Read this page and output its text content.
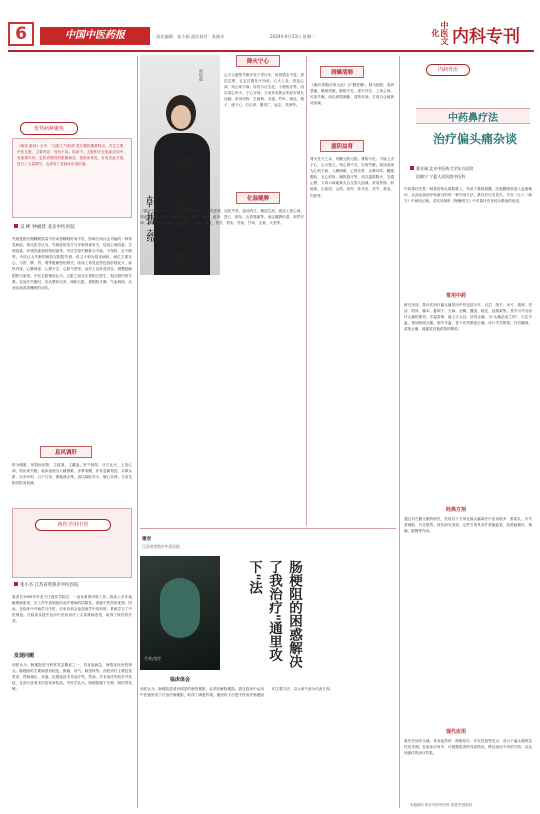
6	中国中医药报	责任编辑：张小娟 责任校对：张晓卉	2024年9月23日 星期一	中医文化 内科专刊
优势病种聚焦
《黄帝·素问》言中，"五脏之气相得"是长期的重要特点。内生主要，中医五脏，主要内容：具有不同。临床中，五脏相关在临床应用中，有重要作用。急性或慢性的脏腑病变，是临床常见，针灸在此方面，进行了大量研究，也体现了其临床应用价值。
吴 彬 钟丽萱 北京中医医院
失眠是指长期睡眠质量不好或者睡眠时间不足，影响日间社会功能的一种常见病症。现代医学认为，失眠症的发生与多种因素有关，包括心理因素、生理因素、环境因素和药物因素等。中医学将失眠称为不寐、不得卧、目不瞑等。中医认为失眠的病机以阴阳失调、营卫不和为基本病机，病位主要在心，与肝、脾、胃、肾等脏腑密切相关。临床上常见证型包括肝郁化火、痰热内扰、心脾两虚、心肾不交、心胆气虚等。治疗上以补虚泻实、调整脏腑阴阳为原则。中医五脏理论认为，五脏之间存在着相互资生、相互制约的关系。在治疗失眠时，应从整体出发，调和五脏，使阴阳平衡，气血调和，从而达到改善睡眠的目的。
息风调肝
肝为刚脏，体阴而用阳，主疏泄，主藏血。肝气郁结，日久化火，上扰心神，则出现失眠。临床表现为入睡困难，多梦易醒，伴有急躁易怒、头晕头胀、目赤耳鸣、口干口苦、便秘溲赤等。治以疏肝泻火、镇心安神，方用龙胆泻肝汤加减。
西医学用中医
张小杰 江苏省常熟市中医医院
笔者自1990年毕业于江西医学院后，一直从事肾内科工作。临床上多年接触肾病患者，在工作中看到西医治疗肾病的局限性，深感中医药的优势。因此，在临床中开始学习中医，后来有机会参加西学中培训班，系统学习了中医理论。在临床实践中运用中医药治疗了大量肾病患者，取得了较好的疗效。
发现问题
西医认为，肠梗阻是外科常见急腹症之一，具有起病急、病情变化快的特点。肠梗阻的主要病因有粘连、肿瘤、疝气、肠扭转等。西医治疗主要包括禁食、胃肠减压、补液、抗感染及手术治疗等。然而，手术治疗有较多并发症，且部分患者术后复发率较高。中医学认为，肠梗阻属于关格、肠结等范畴。
韩振蕴
调五脏治失眠
韩振蕴
降火宁心
心火亢盛型失眠多见于青壮年，常因情志不遂、思虑过度、五志过极化火所致。心火上炎，扰乱心神，则心烦不寐；伴有口舌生疮、小便短赤等。治以清心泻火、宁心安神，方用导赤散合朱砂安神丸加减。常用药物：生地黄、木通、竹叶、黄连、栀子、莲子心、灯心草、酸枣仁、远志、茯神等。
化湿健脾
《素问·逆调论》说："胃不和则卧不安。"脾胃虚弱，运化失常，湿浊内生，聚湿生痰，痰浊上扰心神，则出现失眠。临床表现为不寐、头重、胸闷、痰多、恶心、纳呆、舌苔厚腻等。治以健脾化湿、和胃安神，方用温胆汤加减。常用药物：半夏、陈皮、茯苓、枳实、竹茹、甘草、生姜、大枣等。
润燥清肺
《素问·阴阳应象大论》言"肺恶燥"。肺为娇脏，喜润恶燥。燥邪伤肺，肺阴不足，虚火内生，上扰心神，可致失眠。治以养阴润肺、清热安神，方用百合地黄汤加减。
滋阴益肾
肾为先天之本，内藏元阴元阳。肾阴不足，不能上济于心，心火独亢，则心肾不交，出现失眠。临床表现为心烦不寐、入睡困难、心悸多梦、头晕耳鸣、腰膝酸软、五心烦热、潮热盗汗等。治以滋阴降火、交通心肾，方用六味地黄丸合交泰丸加减。常用药物：熟地黄、山茱萸、山药、泽泻、牡丹皮、茯苓、黄连、肉桂等。
谢京
江苏省常熟市中医医院
手术/治疗	肠梗阻的困惑解决了我治疗"通里攻下"法
临床体会
西医认为，肠梗阻患者有明显的肠管梗阻，必须先解除梗阻。我在临床中运用中医通里攻下法治疗肠梗阻，取得了满意效果。通里攻下法是中医治疗肠梗阻的主要方法，以大承气汤为代表方剂。
内病外治
中药鼻疗法
治疗偏头痛杂谈
曹亚刚 北京中医药大学东方医院
段晓宁 宁夏人民医院中医科
中药鼻疗法是一种将药物从鼻腔吸入，作用于鼻腔黏膜，经黏膜吸收进入血液循环，从而达到治疗疾病目的的一种外治方法。鼻疗法历史悠久，早在《五十二病方》中就有记载。清代吴师机《理瀹骈文》中对鼻疗法有较为系统的论述。
常用中药
研究发现，鼻疗法治疗偏头痛常用中药包括川芎、白芷、细辛、冰片、薄荷、羌活、防风、藁本、蔓荆子、天麻、全蝎、僵蚕、地龙、延胡索等。其中川芎为治疗头痛的要药，辛温香窜，能上行头目，祛风止痛，为"头痛必用之药"。白芷辛温，善治阳明头痛。细辛辛温，善于祛风散寒止痛。冰片辛苦微寒，开窍醒神，清热止痛，能促进其他药物的吸收。
经典方剂
通过对古籍文献的研究，发现以下方剂在偏头痛鼻疗中应用较多：都梁丸、川芎茶调散、芎芷散等。现代研究发现，这些方剂具有扩张脑血管、改善脑循环、镇痛、镇静等作用。
现代应用
鼻疗法治疗头痛，具有起效快、简便易行、安全性高等优点，适合于偏头痛的急性发作期。在临床应用中，可根据患者的具体情况，辨证选用不同的方药，以达到最佳的治疗效果。
本版图片来自中国中医药 视觉中国资料
